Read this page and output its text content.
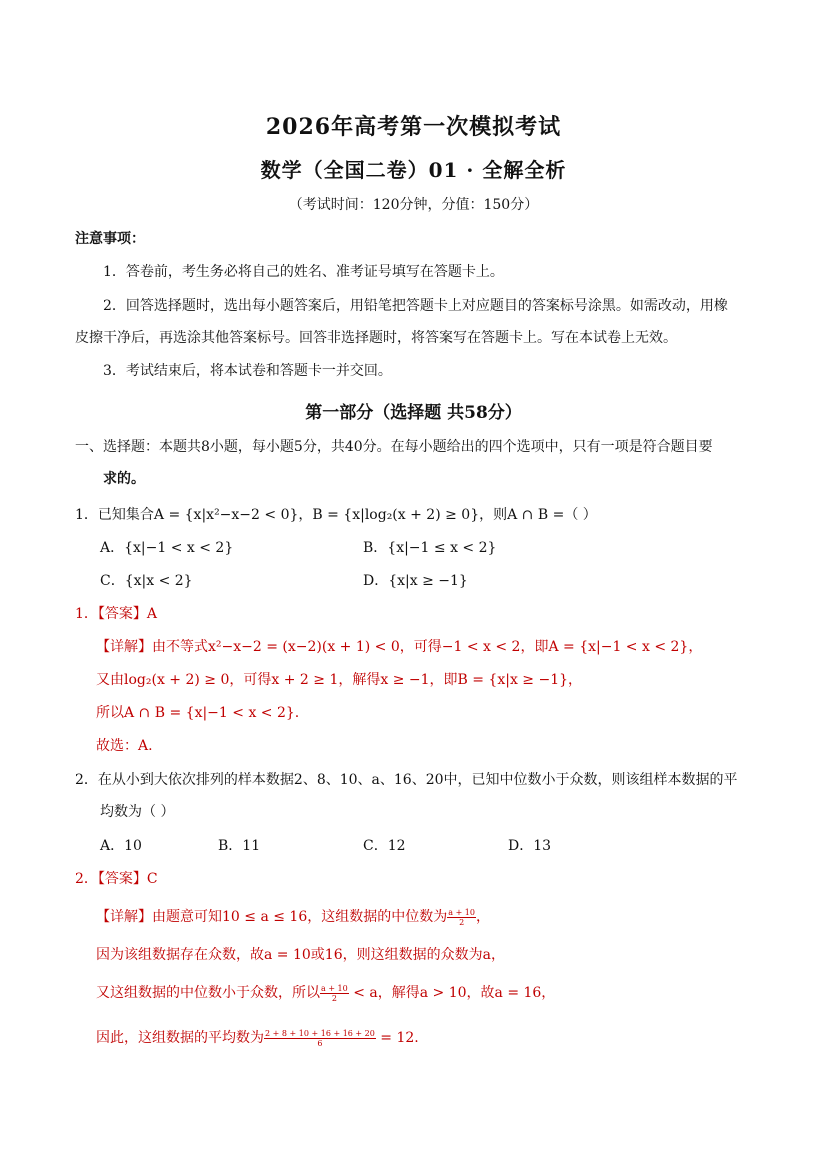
2026年高考第一次模拟考试
数学（全国二卷）01 · 全解全析
（考试时间：120分钟，分值：150分）
注意事项：
1．答卷前，考生务必将自己的姓名、准考证号填写在答题卡上。
2．回答选择题时，选出每小题答案后，用铅笔把答题卡上对应题目的答案标号涂黑。如需改动，用橡
皮擦干净后，再选涂其他答案标号。回答非选择题时，将答案写在答题卡上。写在本试卷上无效。
3．考试结束后，将本试卷和答题卡一并交回。
第一部分（选择题 共58分）
一、选择题：本题共8小题，每小题5分，共40分。在每小题给出的四个选项中，只有一项是符合题目要
求的。
1．已知集合A = {x|x²−x−2 < 0}，B = {x|log₂(x + 2) ≥ 0}，则A ∩ B =（ ）
A．{x|−1 < x < 2}	B．{x|−1 ≤ x < 2}
C．{x|x < 2}	D．{x|x ≥ −1}
1．【答案】A
【详解】由不等式x²−x−2 = (x−2)(x + 1) < 0，可得−1 < x < 2，即A = {x|−1 < x < 2}，
又由log₂(x + 2) ≥ 0，可得x + 2 ≥ 1，解得x ≥ −1，即B = {x|x ≥ −1}，
所以A ∩ B = {x|−1 < x < 2}.
故选：A.
2．在从小到大依次排列的样本数据2、8、10、a、16、20中，已知中位数小于众数，则该组样本数据的平
均数为（ ）
A．10	B．11	C．12	D．13
2．【答案】C
【详解】由题意可知10 ≤ a ≤ 16，这组数据的中位数为 $\frac{a + 10}{2}$ ，
因为该组数据存在众数，故a = 10或16，则这组数据的众数为a，
又这组数据的中位数小于众数，所以 $\frac{a + 10}{2} < a$，解得a > 10，故a = 16，
因此，这组数据的平均数为 $\frac{2 + 8 + 10 + 16 + 16 + 20}{6} = 12$.
